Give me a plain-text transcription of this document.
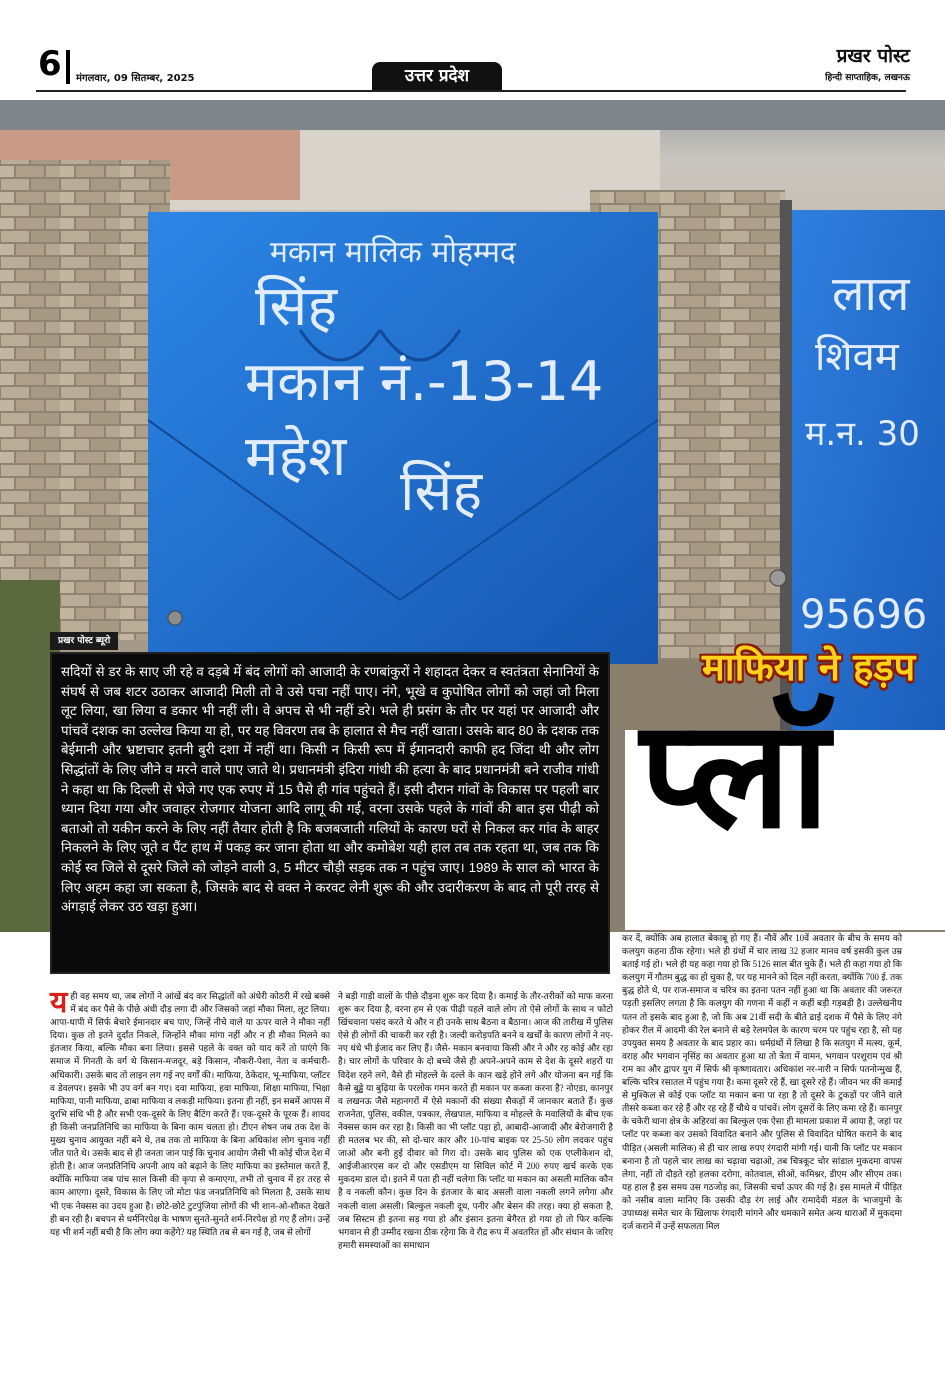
6 मंगलवार, 09 सितम्बर, 2025	उत्तर प्रदेश
प्रखर पोस्ट
हिन्दी साप्ताहिक, लखनऊ
मकान मालिक मोहम्मद
सिंह
मकान नं.-13-14
महेश
सिंह
लाल
शिवम
म.न. 30
95696
प्रखर पोस्ट ब्यूरो
माफिया ने हड़प
प्लॉ

सदियों से डर के साए जी रहे व दड़बे में बंद लोगों को आजादी के रणबांकुरों ने शहादत देकर व स्वतंत्रता सेनानियों के संघर्ष से जब शटर उठाकर आजादी मिली तो वे उसे पचा नहीं पाए। नंगे, भूखे व कुपोषित लोगों को जहां जो मिला लूट लिया, खा लिया व डकार भी नहीं ली। वे अपच से भी नहीं डरे। भले ही प्रसंग के तौर पर यहां पर आजादी और पांचवें दशक का उल्लेख किया या हो, पर यह विवरण तब के हालात से मैच नहीं खाता। उसके बाद 80 के दशक तक बेईमानी और भ्रष्टाचार इतनी बुरी दशा में नहीं था। किसी न किसी रूप में ईमानदारी काफी हद जिंदा थी और लोग सिद्धांतों के लिए जीने व मरने वाले पाए जाते थे। प्रधानमंत्री इंदिरा गांधी की हत्या के बाद प्रधानमंत्री बने राजीव गांधी ने कहा था कि दिल्ली से भेजे गए एक रुपए में 15 पैसे ही गांव पहुंचते हैं। इसी दौरान गांवों के विकास पर पहली बार ध्यान दिया गया और जवाहर रोजगार योजना आदि लागू की गई, वरना उसके पहले के गांवों की बात इस पीढ़ी को बताओ तो यकीन करने के लिए नहीं तैयार होती है कि बजबजाती गलियों के कारण घरों से निकल कर गांव के बाहर निकलने के लिए जूते व पैंट हाथ में पकड़ कर जाना होता था और कमोबेश यही हाल तब तक रहता था, जब तक कि कोई स्व जिले से दूसरे जिले को जोड़ने वाली 3, 5 मीटर चौड़ी सड़क तक न पहुंच जाए। 1989 के साल को भारत के लिए अहम कहा जा सकता है, जिसके बाद से वक्त ने करवट लेनी शुरू की और उदारीकरण के बाद तो पूरी तरह से अंगड़ाई लेकर उठ खड़ा हुआ।

यही वह समय था, जब लोगों ने आंखें बंद कर सिद्धांतों को अंधेरी कोठरी में रखे बक्से में बंद कर पैसे के पीछे अंधी दौड़ लगा दी और जिसको जहां मौका मिला, लूट लिया। आपा-धापी में सिर्फ बेचारे ईमानदार बच पाए, जिन्हें नीचे वाले या ऊपर वाले ने मौका नहीं दिया। कुछ तो इतने दुर्दांत निकले, जिन्होंने मौका मांगा नहीं और न ही मौका मिलने का इंतजार किया, बल्कि मौका बना लिया। इससे पहले के वक्त को याद करें तो पाएंगे कि समाज में गिनती के वर्ग थे किसान-मजदूर, बड़े किसान, नौकरी-पेशा, नेता व कर्मचारी-अधिकारी। उसके बाद तो लाइन लग गई नए वर्गों की। माफिया, ठेकेदार, भू-माफिया, प्लॉटर व डेवलपर। इसके भी उप वर्ग बन गए। दवा माफिया, हवा माफिया, शिक्षा माफिया, भिक्षा माफिया, पानी माफिया, ढाबा माफिया व लकड़ी माफिया। इतना ही नहीं, इन सबमें आपस में दुरभि संधि भी है और सभी एक-दूसरे के लिए बैटिंग करते हैं। एक-दूसरे के पूरक हैं। शायद ही किसी जनप्रतिनिधि का माफिया के बिना काम चलता हो। टीएन शेषन जब तक देश के मुख्य चुनाव आयुक्त नहीं बने थे, तब तक तो माफिया के बिना अधिकांश लोग चुनाव नहीं जीत पाते थे। उसके बाद से ही जनता जान पाई कि चुनाव आयोग जैसी भी कोई चीज देश में होती है। आज जनप्रतिनिधि अपनी आय को बढ़ाने के लिए माफिया का इस्तेमाल करते हैं, क्योंकि माफिया जब पांच साल किसी की कृपा से कमाएगा, तभी तो चुनाव में हर तरह से काम आएगा। दूसरे, विकास के लिए जो मोटा फंड जनप्रतिनिधि को मिलता है, उसके साथ भी एक नेक्सस का उदय हुआ है। छोटे-छोटे टुटपुंजिया लोगों की भी शान-ओ-शौकत देखते ही बन रही है। बचपन से धर्मनिरपेक्ष के भाषण सुनते-सुनते शर्म-निरपेक्ष हो गए हैं लोग। उन्हें यह भी शर्म नहीं बची है कि लोग क्या कहेंगे? यह स्थिति तब से बन गई है, जब से लोगों
ने बड़ी गाड़ी वालों के पीछे दौड़ना शुरू कर दिया है। कमाई के तौर-तरीकों को माफ करना शुरू कर दिया है, वरना हम से एक पीढ़ी पहले वाले लोग तो ऐसे लोगों के साथ न फोटो खिंचवाना पसंद करते थे और न ही उनके साथ बैठना व बैठाना। आज की तारीख में पुलिस ऐसे ही लोगों की चाकरी कर रही है। जल्दी करोड़पति बनने व खर्चों के कारण लोगों ने नए-नए धंधे भी ईजाद कर लिए हैं। जैसे- मकान बनवाया किसी और ने और रह कोई और रहा है। चार लोगों के परिवार के दो बच्चे जैसे ही अपने-अपने काम से देश के दूसरे शहरों या विदेश रहने लगे, वैसे ही मोहल्ले के दल्ले के कान खड़े होने लगे और योजना बन गई कि कैसे बुड्ढे या बुढ़िया के परलोक गमन करते ही मकान पर कब्जा करना है? नोएडा, कानपुर व लखनऊ जैसे महानगरों में ऐसे मकानों की संख्या सैकड़ों में जानकार बताते हैं। कुछ राजनेता, पुलिस, वकील, पत्रकार, लेखपाल, माफिया व मोहल्ले के मवालियों के बीच एक नेक्सस काम कर रहा है। किसी का भी प्लॉट पड़ा हो, आबादी-आजादी और बेरोजगारी है ही मतलब भर की, सो दो-चार कार और 10-पांच बाइक पर 25-50 लोग लदकर पहुंच जाओ और बनी हुई दीवार को गिरा दो। उसके बाद पुलिस को एक एप्लीकेशन दो, आईजीआरएस कर दो और एसडीएम या सिविल कोर्ट में 200 रुपए खर्च करके एक मुकदमा डाल दो। इतने में पता ही नहीं चलेगा कि प्लॉट या मकान का असली मालिक कौन है व नकली कौन। कुछ दिन के इंतजार के बाद असली वाला नकली लगने लगेगा और नकली वाला असली। बिल्कुल नकली दूध, पनीर और बेसन की तरह। क्या हो सकता है, जब सिस्टम ही इतना सड़ गया हो और इंसान इतना बेगैरत हो गया हो तो फिर कल्कि भगवान से ही उम्मीद रखना ठीक रहेगा कि वे रौद्र रूप में अवतरित हों और संधान के जरिए हमारी समस्याओं का समाधान
कर दें, क्योंकि अब हालात बेकाबू हो गए हैं। नौवें और 10वें अवतार के बीच के समय को कलयुग कहना ठीक रहेगा। भले ही ग्रंथों में चार लाख 32 हजार मानव वर्ष इसकी कुल उम्र बताई गई हो। भले ही यह कहा गया हो कि 5126 साल बीत चुके हैं। भले ही कहा गया हो कि कलयुग में गौतम बुद्ध का हो चुका है, पर यह मानने को दिल नहीं करता, क्योंकि 700 ई. तक बुद्ध होते थे, पर राज-समाज व चरित्र का इतना पतन नहीं हुआ था कि अवतार की जरूरत पड़ती इसलिए लगता है कि कलयुग की गणना में कहीं न कहीं बड़ी गड़बड़ी है। उल्लेखनीय पतन तो इसके बाद हुआ है, जो कि अब 21वीं सदी के बीते ढाई दशक में पैसे के लिए नंगे होकर रील में आदमी की रेल बनाने से बड़े रेलमपेल के कारण चरम पर पहुंच रहा है, सो यह उपयुक्त समय है अवतार के बाद प्रहार का। धर्मग्रंथों में लिखा है कि सतयुग में मत्स्य, कूर्म, वराह और भगवान नृसिंह का अवतार हुआ था तो त्रेता में वामन, भगवान परशुराम एवं श्री राम का और द्वापर युग में सिर्फ श्री कृष्णावतार। अधिकांश नर-नारी न सिर्फ पतनोन्मुख हैं, बल्कि चरित्र रसातल में पहुंच गया है। कमा दूसरे रहे हैं, खा दूसरे रहे हैं। जीवन भर की कमाई से मुश्किल से कोई एक प्लॉट या मकान बना पा रहा है तो दूसरे के टुकड़ों पर जीने वाले तीसरे कब्जा कर रहे हैं और रह रहे हैं चौथे व पांचवें। लोग दूसरों के लिए कमा रहे हैं। कानपुर के चकेरी थाना क्षेत्र के अहिरवां का बिल्कुल एक ऐसा ही मामला प्रकाश में आया है, जहां पर प्लॉट पर कब्जा कर उसको विवादित बनाने और पुलिस से विवादित घोषित कराने के बाद पीड़ित (असली मालिक) से ही चार लाख रुपए रंगदारी मांगी गई। यानी कि प्लॉट पर मकान बनाना है तो पहले चार लाख का चढ़ावा चढ़ाओ, तब चित्रकूट चोर सांडाल मुकदमा वापस लेगा, नहीं तो दौड़ते रहो हलका दरोगा, कोतवाल, सीओ, कमिश्नर, डीएम और सीएम तक। यह हाल है इस समय उस गठजोड़ का, जिसकी चर्चा ऊपर की गई है। इस मामले में पीड़ित को नसीब वाला मानिए कि उसकी दौड़ रंग लाई और रामादेवी मंडल के भाजयुमो के उपाध्यक्ष समेत चार के खिलाफ रंगदारी मांगने और धमकाने समेत अन्य धाराओं में मुकदमा दर्ज कराने में उन्हें सफलता मिल
